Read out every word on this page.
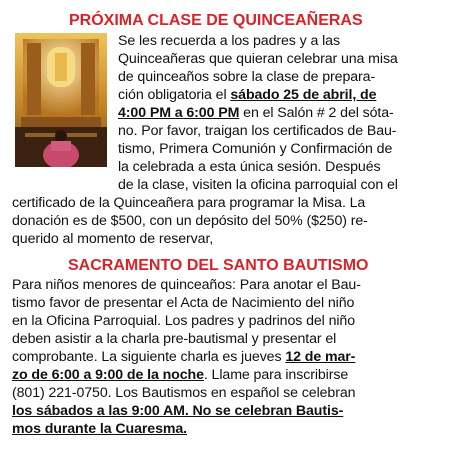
PRÓXIMA CLASE DE QUINCEAÑERAS
Se les recuerda a los padres y a las
Quinceañeras que quieran celebrar una misa
de quinceaños sobre la clase de prepara-
ción obligatoria el sábado 25 de abril, de
4:00 PM a 6:00 PM en el Salón # 2 del sóta-
no. Por favor, traigan los certificados de Bau-
tismo, Primera Comunión y Confirmación de
la celebrada a esta única sesión. Después
de la clase, visiten la oficina parroquial con el
certificado de la Quinceañera para programar la Misa. La
donación es de $500, con un depósito del 50% ($250) re-
querido al momento de reservar,
SACRAMENTO DEL SANTO BAUTISMO
Para niños menores de quinceaños: Para anotar el Bau-
tismo favor de presentar el Acta de Nacimiento del niño
en la Oficina Parroquial. Los padres y padrinos del niño
deben asistir a la charla pre-bautismal y presentar el
comprobante. La siguiente charla es jueves 12 de mar-
zo de 6:00 a 9:00 de la noche. Llame para inscribirse
(801) 221-0750. Los Bautismos en español se celebran
los sábados a las 9:00 AM. No se celebran Bautis-
mos durante la Cuaresma.
